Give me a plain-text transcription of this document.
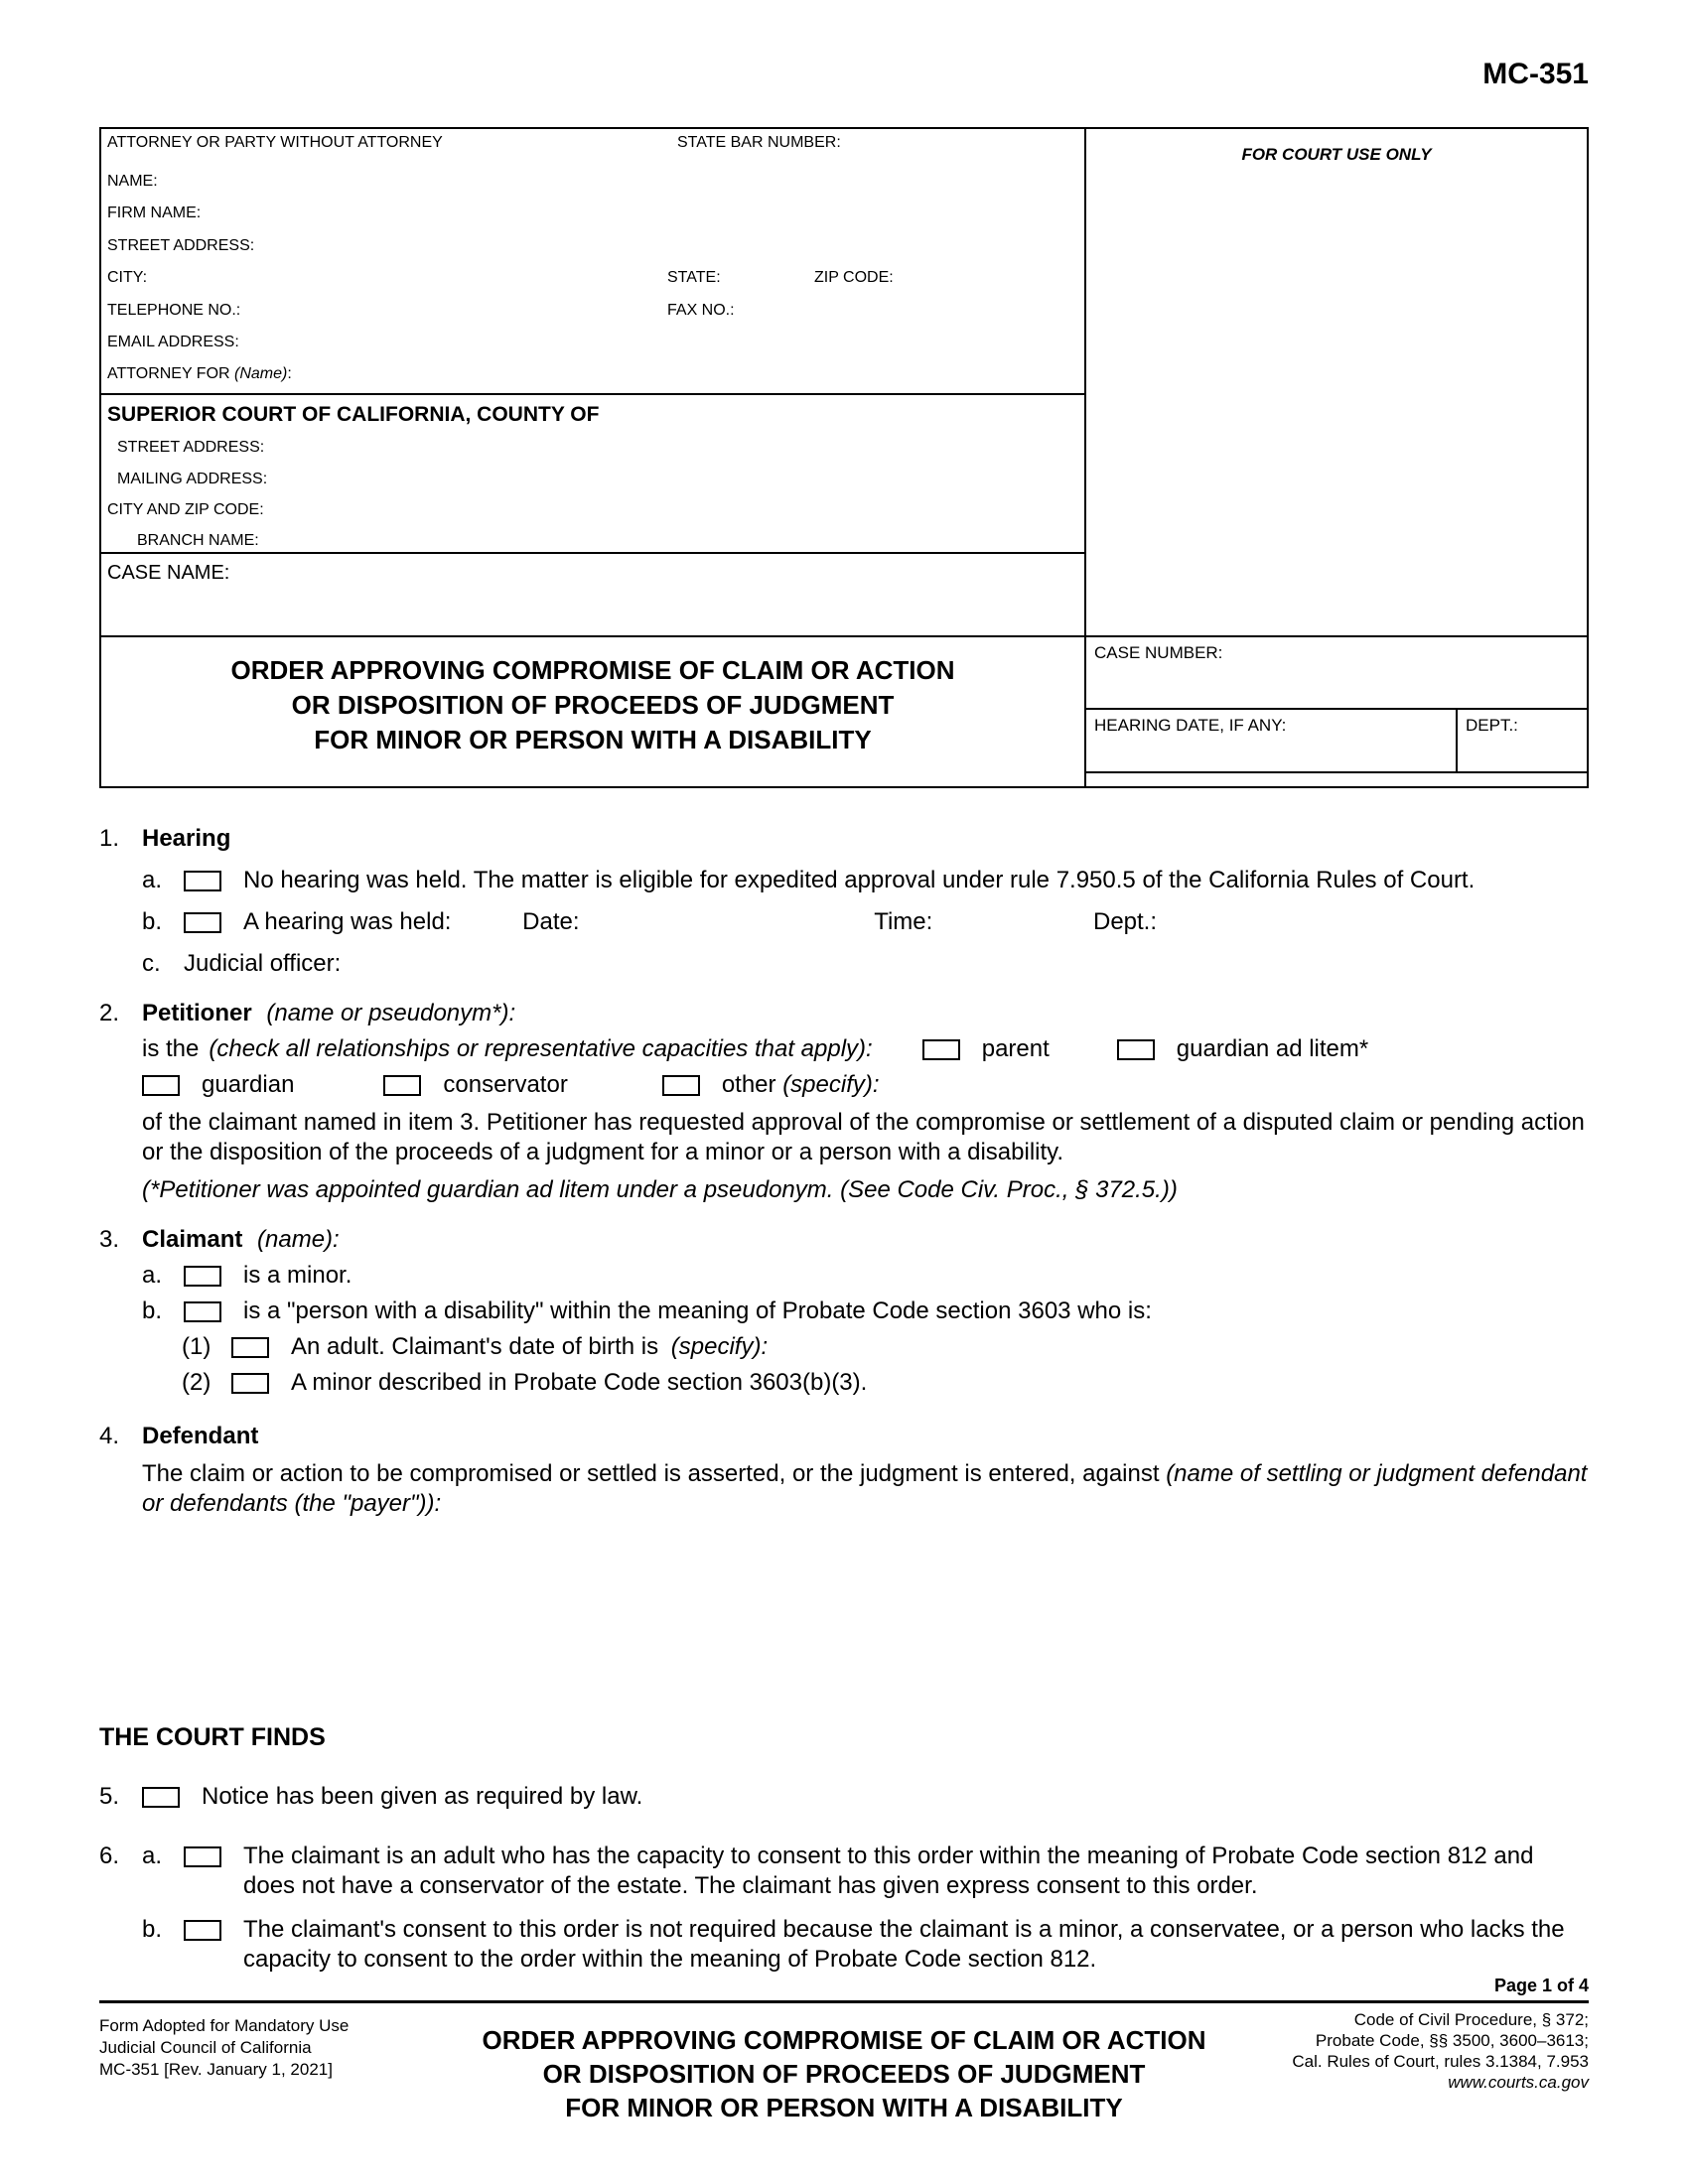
MC-351
ATTORNEY OR PARTY WITHOUT ATTORNEY	STATE BAR NUMBER:
NAME:
FIRM NAME:
STREET ADDRESS:
CITY:	STATE:	ZIP CODE:
TELEPHONE NO.:	FAX NO.:
EMAIL ADDRESS:
ATTORNEY FOR (Name):
SUPERIOR COURT OF CALIFORNIA, COUNTY OF
STREET ADDRESS:
MAILING ADDRESS:
CITY AND ZIP CODE:
BRANCH NAME:
CASE NAME:
ORDER APPROVING COMPROMISE OF CLAIM OR ACTION
OR DISPOSITION OF PROCEEDS OF JUDGMENT
FOR MINOR OR PERSON WITH A DISABILITY
FOR COURT USE ONLY
CASE NUMBER:
HEARING DATE, IF ANY:	DEPT.:
1. Hearing
a.	No hearing was held. The matter is eligible for expedited approval under rule 7.950.5 of the California Rules of Court.
b.	A hearing was held:	Date:	Time:	Dept.:
c. Judicial officer:
2. Petitioner (name or pseudonym*):
is the (check all relationships or representative capacities that apply):	parent	guardian ad litem*
guardian	conservator	other (specify):
of the claimant named in item 3. Petitioner has requested approval of the compromise or settlement of a disputed claim or pending action or the disposition of the proceeds of a judgment for a minor or a person with a disability.
(*Petitioner was appointed guardian ad litem under a pseudonym. (See Code Civ. Proc., § 372.5.))
3. Claimant (name):
a.	is a minor.
b.	is a "person with a disability" within the meaning of Probate Code section 3603 who is:
(1)	An adult. Claimant's date of birth is (specify):
(2)	A minor described in Probate Code section 3603(b)(3).
4. Defendant
The claim or action to be compromised or settled is asserted, or the judgment is entered, against (name of settling or judgment defendant or defendants (the "payer")):
THE COURT FINDS
5.	Notice has been given as required by law.
6. a.	The claimant is an adult who has the capacity to consent to this order within the meaning of Probate Code section 812 and does not have a conservator of the estate. The claimant has given express consent to this order.
b.	The claimant's consent to this order is not required because the claimant is a minor, a conservatee, or a person who lacks the capacity to consent to the order within the meaning of Probate Code section 812.
Page 1 of 4
Form Adopted for Mandatory Use
Judicial Council of California
MC-351 [Rev. January 1, 2021]
ORDER APPROVING COMPROMISE OF CLAIM OR ACTION
OR DISPOSITION OF PROCEEDS OF JUDGMENT
FOR MINOR OR PERSON WITH A DISABILITY
Code of Civil Procedure, § 372;
Probate Code, §§ 3500, 3600–3613;
Cal. Rules of Court, rules 3.1384, 7.953
www.courts.ca.gov
